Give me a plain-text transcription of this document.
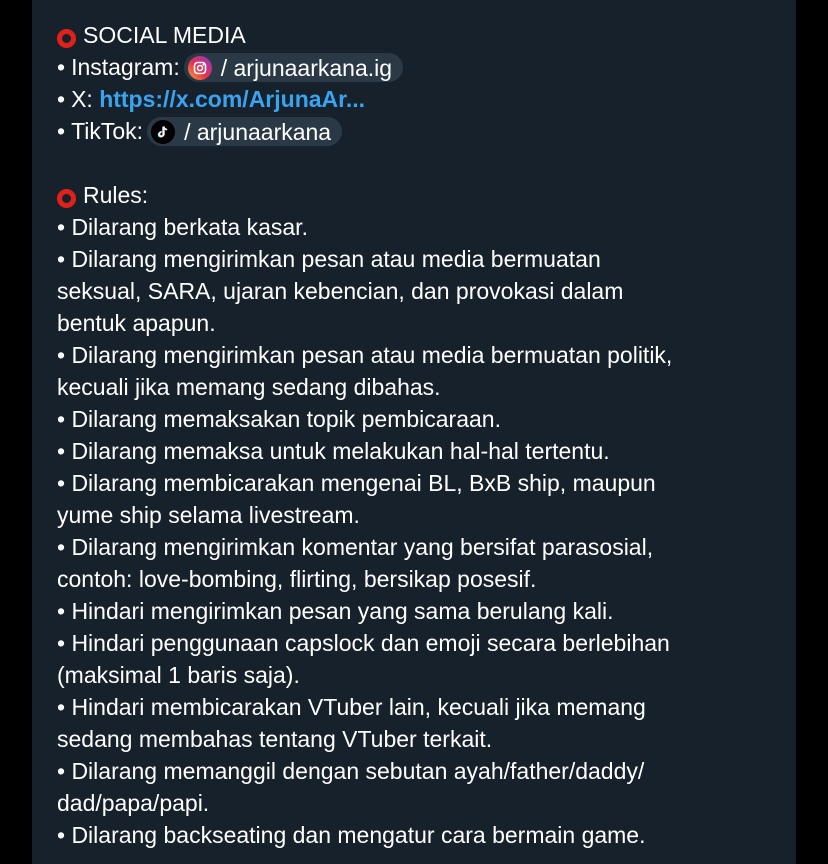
SOCIAL MEDIA
• Instagram: / arjunaarkana.ig
• X: https://x.com/ArjunaAr...
• TikTok: / arjunaarkana
Rules:
• Dilarang berkata kasar.
• Dilarang mengirimkan pesan atau media bermuatan
seksual, SARA, ujaran kebencian, dan provokasi dalam
bentuk apapun.
• Dilarang mengirimkan pesan atau media bermuatan politik,
kecuali jika memang sedang dibahas.
• Dilarang memaksakan topik pembicaraan.
• Dilarang memaksa untuk melakukan hal-hal tertentu.
• Dilarang membicarakan mengenai BL, BxB ship, maupun
yume ship selama livestream.
• Dilarang mengirimkan komentar yang bersifat parasosial,
contoh: love-bombing, flirting, bersikap posesif.
• Hindari mengirimkan pesan yang sama berulang kali.
• Hindari penggunaan capslock dan emoji secara berlebihan
(maksimal 1 baris saja).
• Hindari membicarakan VTuber lain, kecuali jika memang
sedang membahas tentang VTuber terkait.
• Dilarang memanggil dengan sebutan ayah/father/daddy/
dad/papa/papi.
• Dilarang backseating dan mengatur cara bermain game.
